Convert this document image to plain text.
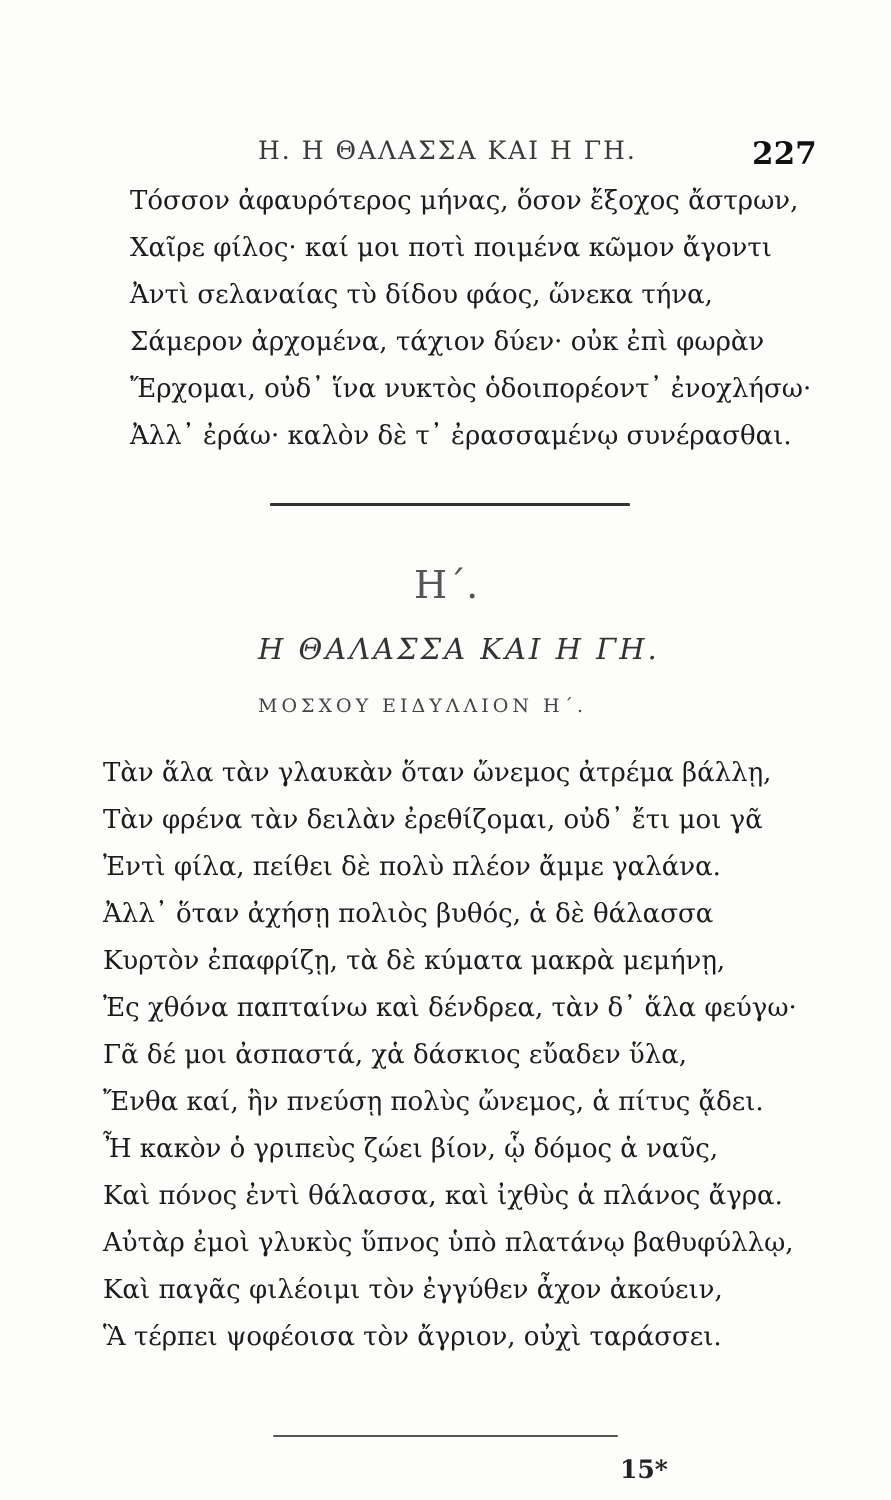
Η. Η ΘΑΛΑΣΣΑ ΚΑΙ Η ΓΗ.	227
Τόσσον ἀφαυρότερος μήνας, ὅσον ἔξοχος ἄστρων,
Χαῖρε φίλος· καί μοι ποτὶ ποιμένα κῶμον ἄγοντι
Ἀντὶ σελαναίας τὺ δίδου φάος, ὥνεκα τήνα,
Σάμερον ἀρχομένα, τάχιον δύεν· οὐκ ἐπὶ φωρὰν
Ἔρχομαι, οὐδ᾽ ἵνα νυκτὸς ὁδοιπορέοντ᾽ ἐνοχλήσω·
Ἀλλ᾽ ἐράω· καλὸν δὲ τ᾽ ἐρασσαμένῳ συνέρασθαι.
Η΄.
Η ΘΑΛΑΣΣΑ ΚΑΙ Η ΓΗ.
ΜΟΣΧΟΥ ΕΙΔΥΛΛΙΟΝ Η΄.
Τὰν ἅλα τὰν γλαυκὰν ὅταν ὤνεμος ἀτρέμα βάλλῃ,
Τὰν φρένα τὰν δειλὰν ἐρεθίζομαι, οὐδ᾽ ἔτι μοι γᾶ
Ἐντὶ φίλα, πείθει δὲ πολὺ πλέον ἄμμε γαλάνα.
Ἀλλ᾽ ὅταν ἀχήσῃ πολιὸς βυθός, ἁ δὲ θάλασσα
Κυρτὸν ἐπαφρίζῃ, τὰ δὲ κύματα μακρὰ μεμήνῃ,
Ἐς χθόνα παπταίνω καὶ δένδρεα, τὰν δ᾽ ἅλα φεύγω·
Γᾶ δέ μοι ἀσπαστά, χἁ δάσκιος εὔαδεν ὕλα,
Ἔνθα καί, ἢν πνεύσῃ πολὺς ὤνεμος, ἁ πίτυς ᾄδει.
Ἦ κακὸν ὁ γριπεὺς ζώει βίον, ᾧ δόμος ἁ ναῦς,
Καὶ πόνος ἐντὶ θάλασσα, καὶ ἰχθὺς ἁ πλάνος ἄγρα.
Αὐτὰρ ἐμοὶ γλυκὺς ὕπνος ὑπὸ πλατάνῳ βαθυφύλλῳ,
Καὶ παγᾶς φιλέοιμι τὸν ἐγγύθεν ἆχον ἀκούειν,
Ἃ τέρπει ψοφέοισα τὸν ἄγριον, οὐχὶ ταράσσει.
15*
